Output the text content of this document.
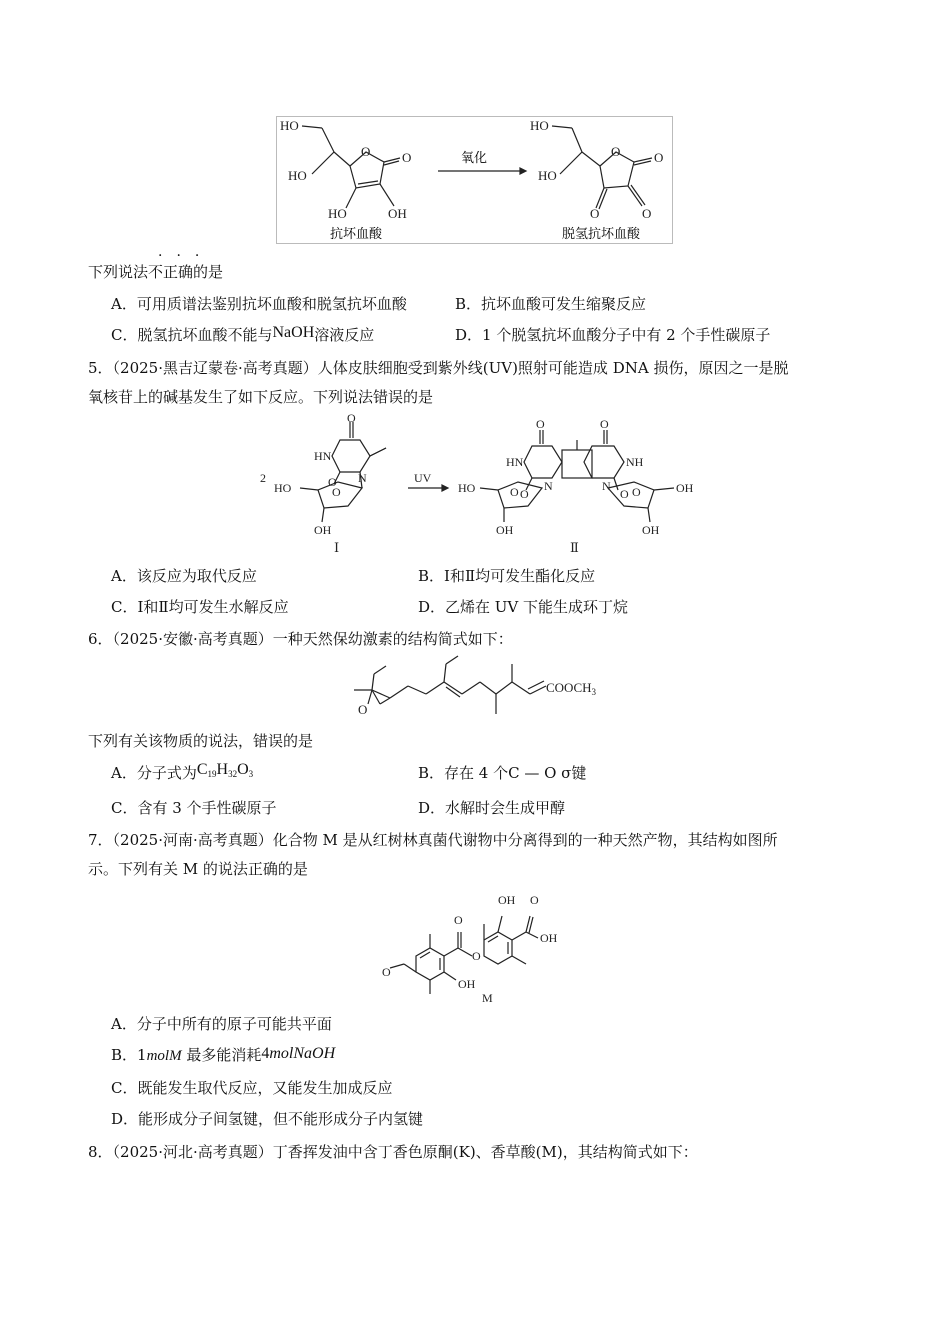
HO
HO
O O
HO	OH
HO
HO
O	O
O	O
氧化
抗坏血酸	脱氢抗坏血酸
···
下列说法不正确的是
A．可用质谱法鉴别抗坏血酸和脱氢抗坏血酸	B．抗坏血酸可发生缩聚反应
C．脱氢抗坏血酸不能与NaOH溶液反应	D．1 个脱氢抗坏血酸分子中有 2 个手性碳原子
5．（2025·黑吉辽蒙卷·高考真题）人体皮肤细胞受到紫外线(UV)照射可能造成 DNA 损伤，原因之一是脱
氧核苷上的碱基发生了如下反应。下列说法错误的是
2
O
HN
O N
HO	O
OH
UV
O	O
HN	NH
O	O
N	N
HO	OH
O	O
OH	OH
Ⅰ	Ⅱ
A．该反应为取代反应	B．Ⅰ和Ⅱ均可发生酯化反应
C．Ⅰ和Ⅱ均可发生水解反应	D．乙烯在 UV 下能生成环丁烷
6．（2025·安徽·高考真题）一种天然保幼激素的结构简式如下：
O
$COOCH_3$
下列有关该物质的说法，错误的是
A．分子式为$C_{19}H_{32}O_3$	B．存在 4 个C — O σ键
C．含有 3 个手性碳原子	D．水解时会生成甲醇
7．（2025·河南·高考真题）化合物 M 是从红树林真菌代谢物中分离得到的一种天然产物，其结构如图所
示。下列有关 M 的说法正确的是
O
O
O
OH
OH O
OH
M
A．分子中所有的原子可能共平面
B．1molM 最多能消耗4molNaOH
C．既能发生取代反应，又能发生加成反应
D．能形成分子间氢键，但不能形成分子内氢键
8．（2025·河北·高考真题）丁香挥发油中含丁香色原酮(K)、香草酸(M)，其结构简式如下：
